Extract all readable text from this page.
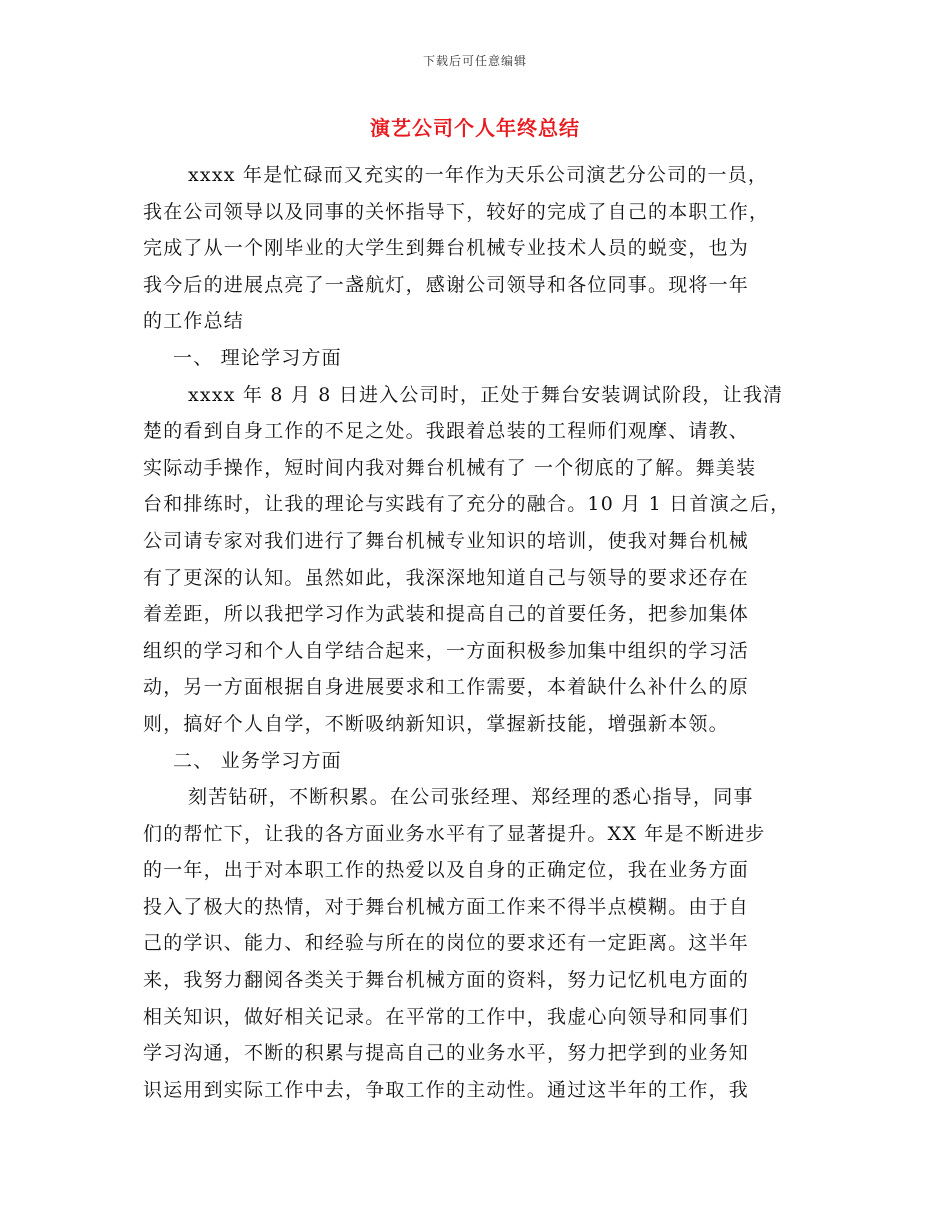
下载后可任意编辑
演艺公司个人年终总结
xxxx 年是忙碌而又充实的一年作为天乐公司演艺分公司的一员，
我在公司领导以及同事的关怀指导下，较好的完成了自己的本职工作，
完成了从一个刚毕业的大学生到舞台机械专业技术人员的蜕变，也为
我今后的进展点亮了一盏航灯，感谢公司领导和各位同事。现将一年
的工作总结
一、 理论学习方面
xxxx 年 8 月 8 日进入公司时，正处于舞台安装调试阶段，让我清
楚的看到自身工作的不足之处。我跟着总装的工程师们观摩、请教、
实际动手操作，短时间内我对舞台机械有了 一个彻底的了解。舞美装
台和排练时，让我的理论与实践有了充分的融合。10 月 1 日首演之后，
公司请专家对我们进行了舞台机械专业知识的培训，使我对舞台机械
有了更深的认知。虽然如此，我深深地知道自己与领导的要求还存在
着差距，所以我把学习作为武装和提高自己的首要任务，把参加集体
组织的学习和个人自学结合起来，一方面积极参加集中组织的学习活
动，另一方面根据自身进展要求和工作需要，本着缺什么补什么的原
则，搞好个人自学，不断吸纳新知识，掌握新技能，增强新本领。
二、 业务学习方面
刻苦钻研，不断积累。在公司张经理、郑经理的悉心指导，同事
们的帮忙下，让我的各方面业务水平有了显著提升。XX 年是不断进步
的一年，出于对本职工作的热爱以及自身的正确定位，我在业务方面
投入了极大的热情，对于舞台机械方面工作来不得半点模糊。由于自
己的学识、能力、和经验与所在的岗位的要求还有一定距离。这半年
来，我努力翻阅各类关于舞台机械方面的资料，努力记忆机电方面的
相关知识，做好相关记录。在平常的工作中，我虚心向领导和同事们
学习沟通，不断的积累与提高自己的业务水平，努力把学到的业务知
识运用到实际工作中去，争取工作的主动性。通过这半年的工作，我
